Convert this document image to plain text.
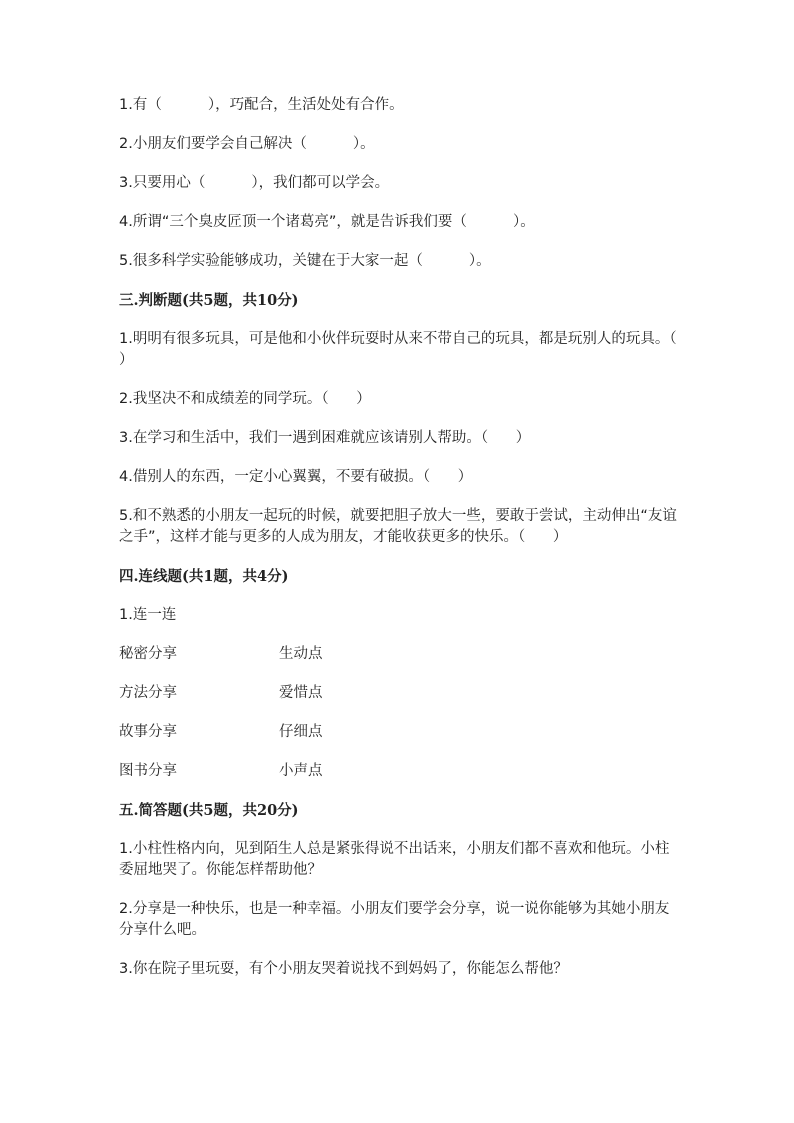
1.有（          ），巧配合，生活处处有合作。
2.小朋友们要学会自己解决（          ）。
3.只要用心（          ），我们都可以学会。
4.所谓“三个臭皮匠顶一个诸葛亮”，就是告诉我们要（          ）。
5.很多科学实验能够成功，关键在于大家一起（          ）。
三.判断题(共5题，共10分)
1.明明有很多玩具，可是他和小伙伴玩耍时从来不带自己的玩具，都是玩别人的玩具。（      ）
2.我坚决不和成绩差的同学玩。（      ）
3.在学习和生活中，我们一遇到困难就应该请别人帮助。（      ）
4.借别人的东西，一定小心翼翼，不要有破损。（      ）
5.和不熟悉的小朋友一起玩的时候，就要把胆子放大一些，要敢于尝试，主动伸出“友谊之手”，这样才能与更多的人成为朋友，才能收获更多的快乐。（      ）
四.连线题(共1题，共4分)
1.连一连
秘密分享	生动点
方法分享	爱惜点
故事分享	仔细点
图书分享	小声点
五.简答题(共5题，共20分)
1.小柱性格内向，见到陌生人总是紧张得说不出话来，小朋友们都不喜欢和他玩。小柱委屈地哭了。你能怎样帮助他？
2.分享是一种快乐，也是一种幸福。小朋友们要学会分享，说一说你能够为其她小朋友分享什么吧。
3.你在院子里玩耍，有个小朋友哭着说找不到妈妈了，你能怎么帮他？
